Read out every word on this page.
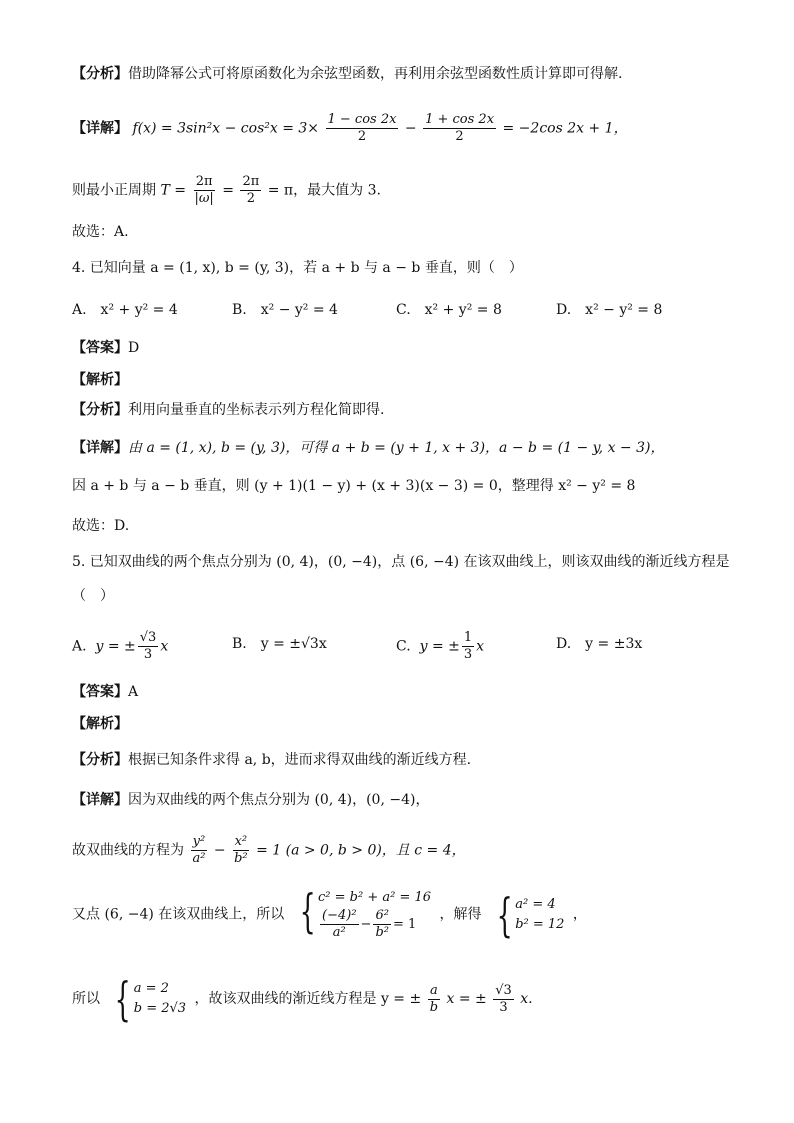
【分析】借助降幂公式可将原函数化为余弦型函数，再利用余弦型函数性质计算即可得解.
【详解】 $f(x) = 3\sin^2x - \cos^2x = 3\times \frac{1 - \cos 2x}{2} - \frac{1 + \cos 2x}{2} = -2\cos$ 2x + 1，
则最小正周期 $T = \frac{2\pi}{|\omega|} = \frac{2\pi}{2} = \pi$，最大值为 3.
故选：A.
4. 已知向量 a = (1, x), b = (y, 3)，若 a + b 与 a − b 垂直，则（　）
A.　x² + y² = 4	B.　x² − y² = 4	C.　x² + y² = 8	D.　x² − y² = 8
【答案】D
【解析】
【分析】利用向量垂直的坐标表示列方程化简即得.
【详解】由 a = (1, x), b = (y, 3)，可得 a + b = (y + 1, x + 3)，a − b = (1 − y, x − 3)，
因 a + b 与 a − b 垂直，则 (y + 1)(1 − y) + (x + 3)(x − 3) = 0，整理得 x² − y² = 8
故选：D.
5. 已知双曲线的两个焦点分别为 (0, 4)，(0, −4)，点 (6, −4) 在该双曲线上，则该双曲线的渐近线方程是
（　）
A. y = ± $\frac{√3}{3}$ x	B.　y = ±√3x	C. y = ± $\frac{1}{3}$ x	D.　y = ±3x
【答案】A
【解析】
【分析】根据已知条件求得 a, b，进而求得双曲线的渐近线方程.
【详解】因为双曲线的两个焦点分别为 (0, 4)，(0, −4)，
故双曲线的方程为 $\frac{\text{y²}}{\text{a²}} - \frac{\text{x²}}{\text{b²}} = 1$ (a > 0, b > 0)，且 c = 4，
又点 (6, −4) 在该双曲线上，所以 { c² = b² + a² = 16
$\frac{\text{(−4)²}}{\text{a²}} - \frac{\text{6²}}{\text{b²}} = 1$
，解得 { a² = 4
b² = 12
，
所以 { a = 2
b = 2√3
，故该双曲线的渐近线方程是 y = ± $\frac{a}{b}$ x = ± $\frac{√3}{3} x$.
